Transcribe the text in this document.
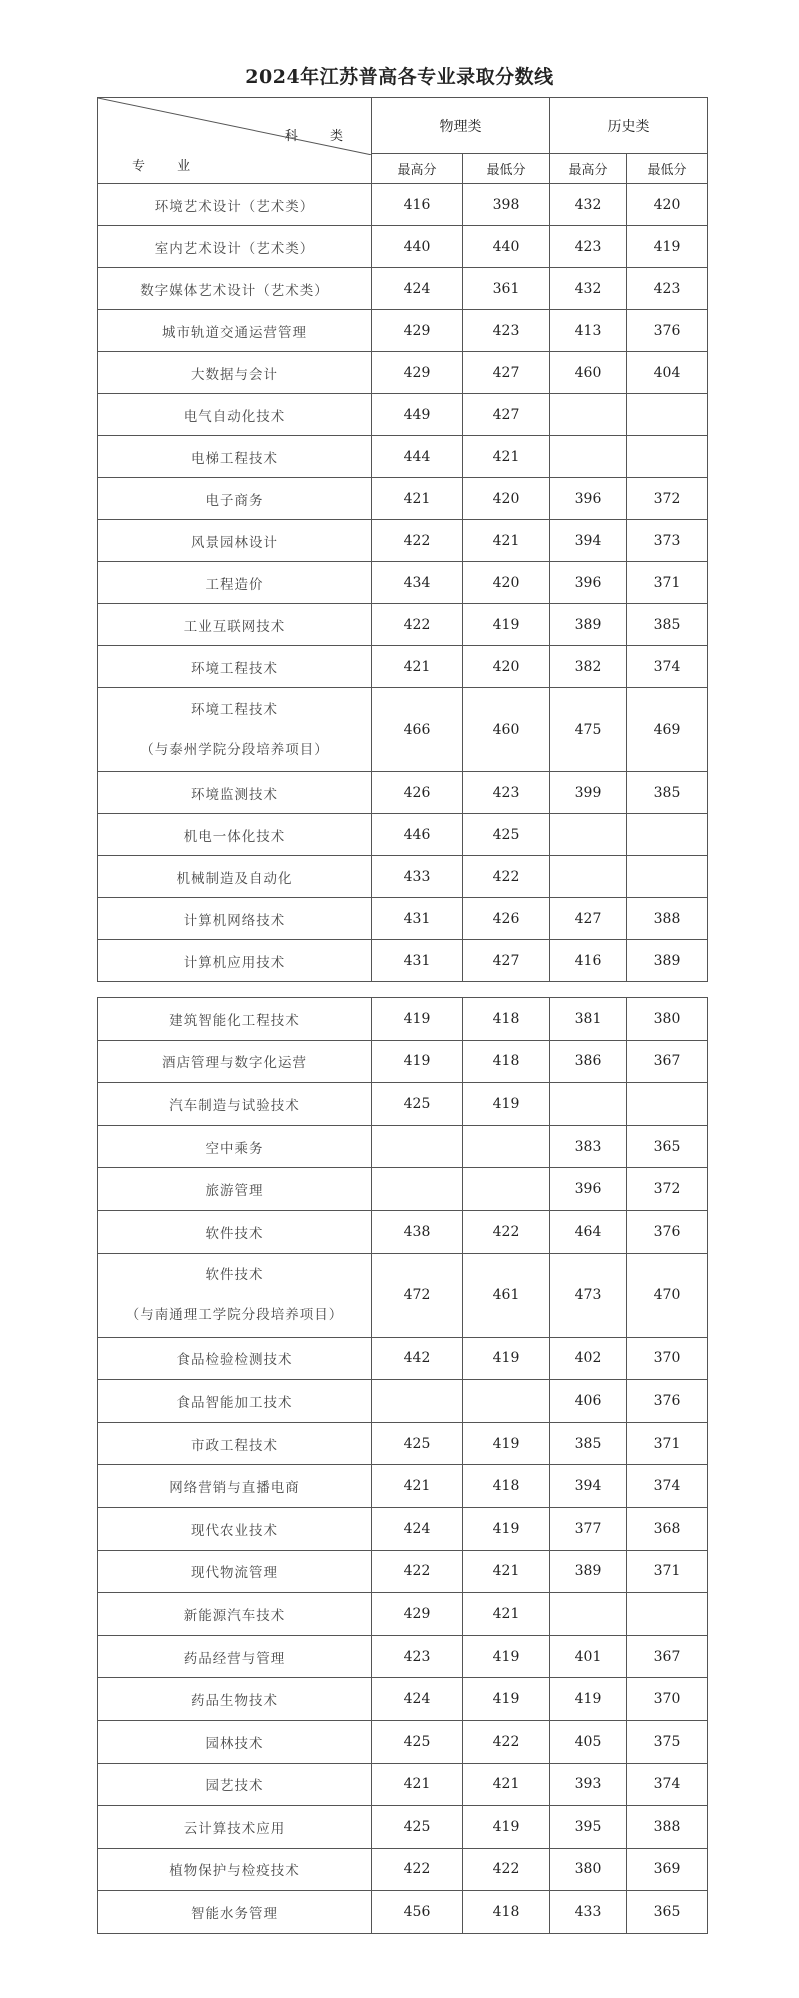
2024年江苏普高各专业录取分数线
专 业
科 类	物理类		历史类	
	最高分	最低分	最高分	最低分

环境艺术设计（艺术类）	416	398	432	420

室内艺术设计（艺术类）	440	440	423	419

数字媒体艺术设计（艺术类）	424	361	432	423

城市轨道交通运营管理	429	423	413	376

大数据与会计	429	427	460	404

电气自动化技术	449	427		

电梯工程技术	444	421		

电子商务	421	420	396	372

风景园林设计	422	421	394	373

工程造价	434	420	396	371

工业互联网技术	422	419	389	385

环境工程技术	421	420	382	374

环境工程技术
（与泰州学院分段培养项目）	466	460	475	469

环境监测技术	426	423	399	385

机电一体化技术	446	425		

机械制造及自动化	433	422		

计算机网络技术	431	426	427	388

计算机应用技术	431	427	416	389
建筑智能化工程技术	419	418	381	380

酒店管理与数字化运营	419	418	386	367

汽车制造与试验技术	425	419		

空中乘务			383	365

旅游管理			396	372

软件技术	438	422	464	376

软件技术
（与南通理工学院分段培养项目）	472	461	473	470

食品检验检测技术	442	419	402	370

食品智能加工技术			406	376

市政工程技术	425	419	385	371

网络营销与直播电商	421	418	394	374

现代农业技术	424	419	377	368

现代物流管理	422	421	389	371

新能源汽车技术	429	421		

药品经营与管理	423	419	401	367

药品生物技术	424	419	419	370

园林技术	425	422	405	375

园艺技术	421	421	393	374

云计算技术应用	425	419	395	388

植物保护与检疫技术	422	422	380	369

智能水务管理	456	418	433	365
